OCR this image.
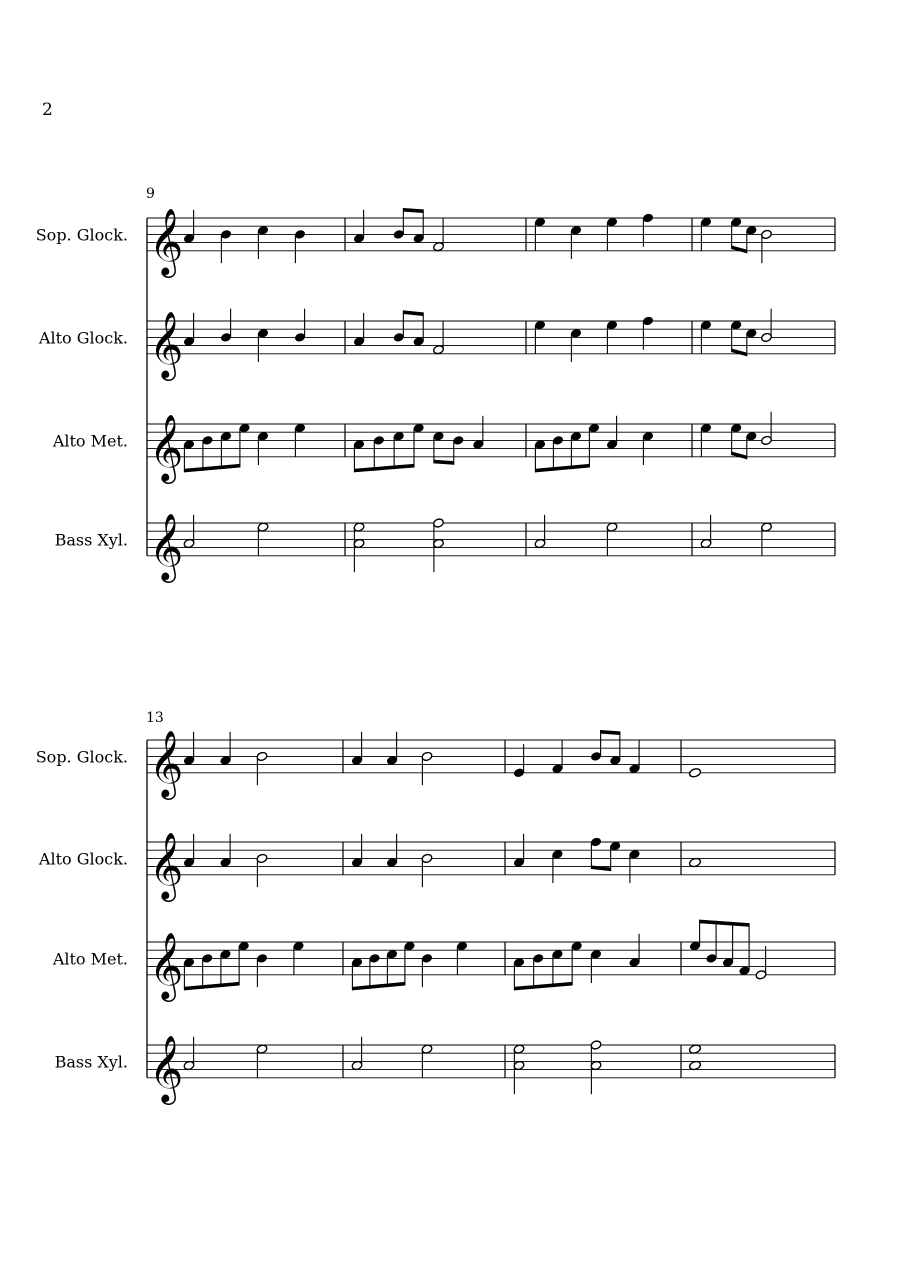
2
9
Sop. Glock. 𝄞
Alto Glock. 𝄞
Alto Met. 𝄞
Bass Xyl. 𝄞
13
Sop. Glock. 𝄞
Alto Glock. 𝄞
Alto Met. 𝄞
Bass Xyl. 𝄞
